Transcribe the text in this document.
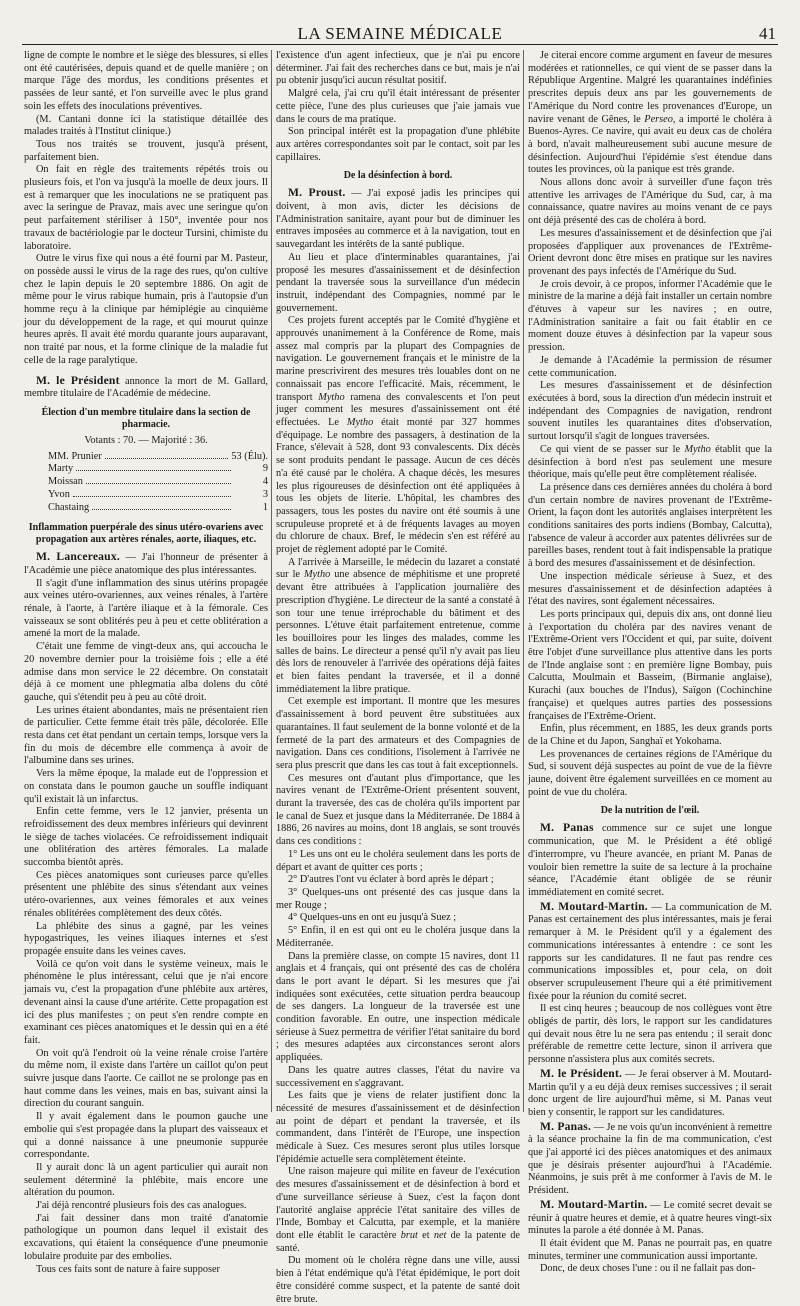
LA SEMAINE MÉDICALE	41

ligne de compte le nombre et le siège des blessures, si elles ont été cautérisées, depuis quand et de quelle manière ; on marque l'âge des mordus, les conditions présentes et passées de leur santé, et l'on surveille avec le plus grand soin les effets des inoculations préventives.

(M. Cantani donne ici la statistique détaillée des malades traités à l'Institut clinique.)

Tous nos traités se trouvent, jusqu'à présent, parfaitement bien.

On fait en règle des traitements répétés trois ou plusieurs fois, et l'on va jusqu'à la moelle de deux jours. Il est à remarquer que les inoculations ne se pratiquent pas avec la seringue de Pravaz, mais avec une seringue qu'on peut parfaitement stériliser à 150°, inventée pour nos travaux de bactériologie par le docteur Tursini, chimiste du laboratoire.

Outre le virus fixe qui nous a été fourni par M. Pasteur, on possède aussi le virus de la rage des rues, qu'on cultive chez le lapin depuis le 20 septembre 1886. On agit de même pour le virus rabique humain, pris à l'autopsie d'un homme reçu à la clinique par hémiplégie au cinquième jour du développement de la rage, et qui mourut quinze heures après. Il avait été mordu quarante jours auparavant, non traité par nous, et la forme clinique de la maladie fut celle de la rage paralytique.

M. le Président annonce la mort de M. Gallard, membre titulaire de l'Académie de médecine.

Élection d'un membre titulaire dans la section de pharmacie.

Votants : 70. — Majorité : 36.

MM. Prunier	53 (Élu).
Marty	9
Moissan	4
Yvon	3
Chastaing	1
Inflammation puerpérale des sinus utéro-ovariens avec propagation aux artères rénales, aorte, iliaques, etc.

M. Lancereaux. — J'ai l'honneur de présenter à l'Académie une pièce anatomique des plus intéressantes.

Il s'agit d'une inflammation des sinus utérins propagée aux veines utéro-ovariennes, aux veines rénales, à l'artère rénale, à l'aorte, à l'artère iliaque et à la fémorale. Ces vaisseaux se sont oblitérés peu à peu et cette oblitération a amené la mort de la malade.

C'était une femme de vingt-deux ans, qui accoucha le 20 novembre dernier pour la troisième fois ; elle a été admise dans mon service le 22 décembre. On constatait déjà à ce moment une phlegmatia alba dolens du côté gauche, qui s'étendit peu à peu au côté droit.

Les urines étaient abondantes, mais ne présentaient rien de particulier. Cette femme était très pâle, décolorée. Elle resta dans cet état pendant un certain temps, lorsque vers la fin du mois de décembre elle commença à avoir de l'albumine dans ses urines.

Vers la même époque, la malade eut de l'oppression et on constata dans le poumon gauche un souffle indiquant qu'il existait là un infarctus.

Enfin cette femme, vers le 12 janvier, présenta un refroidissement des deux membres inférieurs qui devinrent le siège de taches violacées. Ce refroidissement indiquait une oblitération des artères fémorales. La malade succomba bientôt après.

Ces pièces anatomiques sont curieuses parce qu'elles présentent une phlébite des sinus s'étendant aux veines utéro-ovariennes, aux veines fémorales et aux veines rénales oblitérées complètement des deux côtés.

La phlébite des sinus a gagné, par les veines hypogastriques, les veines iliaques internes et s'est propagée ensuite dans les veines caves.

Voilà ce qu'on voit dans le système veineux, mais le phénomène le plus intéressant, celui que je n'ai encore jamais vu, c'est la propagation d'une phlébite aux artères, devenant ainsi la cause d'une artérite. Cette propagation est ici des plus manifestes ; on peut s'en rendre compte en examinant ces pièces anatomiques et le dessin qui en a été fait.

On voit qu'à l'endroit où la veine rénale croise l'artère du même nom, il existe dans l'artère un caillot qu'on peut suivre jusque dans l'aorte. Ce caillot ne se prolonge pas en haut comme dans les veines, mais en bas, suivant ainsi la direction du courant sanguin.

Il y avait également dans le poumon gauche une embolie qui s'est propagée dans la plupart des vaisseaux et qui a donné naissance à une pneumonie suppurée correspondante.

Il y aurait donc là un agent particulier qui aurait non seulement déterminé la phlébite, mais encore une altération du poumon.

J'ai déjà rencontré plusieurs fois des cas analogues.

J'ai fait dessiner dans mon traité d'anatomie pathologique un poumon dans lequel il existait des excavations, qui étaient la conséquence d'une pneumonie lobulaire produite par des embolies.

Tous ces faits sont de nature à faire supposer

l'existence d'un agent infectieux, que je n'ai pu encore déterminer. J'ai fait des recherches dans ce but, mais je n'ai pu obtenir jusqu'ici aucun résultat positif.

Malgré cela, j'ai cru qu'il était intéressant de présenter cette pièce, l'une des plus curieuses que j'aie jamais vue dans le cours de ma pratique.

Son principal intérêt est la propagation d'une phlébite aux artères correspondantes soit par le contact, soit par les capillaires.

De la désinfection à bord.

M. Proust. — J'ai exposé jadis les principes qui doivent, à mon avis, dicter les décisions de l'Administration sanitaire, ayant pour but de diminuer les entraves imposées au commerce et à la navigation, tout en sauvegardant les intérêts de la santé publique.

Au lieu et place d'interminables quarantaines, j'ai proposé les mesures d'assainissement et de désinfection pendant la traversée sous la surveillance d'un médecin instruit, indépendant des Compagnies, nommé par le gouvernement.

Ces projets furent acceptés par le Comité d'hygiène et approuvés unanimement à la Conférence de Rome, mais assez mal compris par la plupart des Compagnies de navigation. Le gouvernement français et le ministre de la marine prescrivirent des mesures très louables dont on ne connaissait pas encore l'efficacité. Mais, récemment, le transport Mytho ramena des convalescents et l'on peut juger comment les mesures d'assainissement ont été effectuées. Le Mytho était monté par 327 hommes d'équipage. Le nombre des passagers, à destination de la France, s'élevait à 528, dont 93 convalescents. Dix décès se sont produits pendant le passage. Aucun de ces décès n'a été causé par le choléra. A chaque décès, les mesures les plus rigoureuses de désinfection ont été appliquées à tous les objets de literie. L'hôpital, les chambres des passagers, tous les postes du navire ont été soumis à une scrupuleuse propreté et à de fréquents lavages au moyen du chlorure de chaux. Bref, le médecin s'en est référé au projet de règlement adopté par le Comité.

A l'arrivée à Marseille, le médecin du lazaret a constaté sur le Mytho une absence de méphitisme et une propreté devant être attribuées à l'application journalière des prescription d'hygiène. Le directeur de la santé a constaté à son tour une tenue irréprochable du bâtiment et des personnes. L'étuve était parfaitement entretenue, comme les bouilloires pour les linges des malades, comme les salles de bains. Le directeur a pensé qu'il n'y avait pas lieu dès lors de renouveler à l'arrivée des opérations déjà faites et bien faites pendant la traversée, et il a donné immédiatement la libre pratique.

Cet exemple est important. Il montre que les mesures d'assainissement à bord peuvent être substituées aux quarantaines. Il faut seulement de la bonne volonté et de la fermeté de la part des armateurs et des Compagnies de navigation. Dans ces conditions, l'isolement à l'arrivée ne sera plus prescrit que dans les cas tout à fait exceptionnels.

Ces mesures ont d'autant plus d'importance, que les navires venant de l'Extrême-Orient présentent souvent, durant la traversée, des cas de choléra qu'ils importent par le canal de Suez et jusque dans la Méditerranée. De 1884 à 1886, 26 navires au moins, dont 18 anglais, se sont trouvés dans ces conditions :

1° Les uns ont eu le choléra seulement dans les ports de départ et avant de quitter ces ports ;

2° D'autres l'ont vu éclater à bord après le départ ;

3° Quelques-uns ont présenté des cas jusque dans la mer Rouge ;

4° Quelques-uns en ont eu jusqu'à Suez ;

5° Enfin, il en est qui ont eu le choléra jusque dans la Méditerranée.

Dans la première classe, on compte 15 navires, dont 11 anglais et 4 français, qui ont présenté des cas de choléra dans le port avant le départ. Si les mesures que j'ai indiquées sont exécutées, cette situation perdra beaucoup de ses dangers. La longueur de la traversée est une condition favorable. En outre, une inspection médicale sérieuse à Suez permettra de vérifier l'état sanitaire du bord ; des mesures adaptées aux circonstances seront alors appliquées.

Dans les quatre autres classes, l'état du navire va successivement en s'aggravant.

Les faits que je viens de relater justifient donc la nécessité de mesures d'assainissement et de désinfection au point de départ et pendant la traversée, et ils commandent, dans l'intérêt de l'Europe, une inspection médicale à Suez. Ces mesures seront plus utiles lorsque l'épidémie actuelle sera complètement éteinte.

Une raison majeure qui milite en faveur de l'exécution des mesures d'assainissement et de désinfection à bord et d'une surveillance sérieuse à Suez, c'est la façon dont l'autorité anglaise apprécie l'état sanitaire des villes de l'Inde, Bombay et Calcutta, par exemple, et la manière dont elle établit le caractère brut et net de la patente de santé.

Du moment où le choléra règne dans une ville, aussi bien à l'état endémique qu'à l'état épidémique, le port doit être considéré comme suspect, et la patente de santé doit être brute.

Je citerai encore comme argument en faveur de mesures modérées et rationnelles, ce qui vient de se passer dans la République Argentine. Malgré les quarantaines indéfinies prescrites depuis deux ans par les gouvernements de l'Amérique du Nord contre les provenances d'Europe, un navire venant de Gênes, le Perseo, a importé le choléra à Buenos-Ayres. Ce navire, qui avait eu deux cas de choléra à bord, n'avait malheureusement subi aucune mesure de désinfection. Aujourd'hui l'épidémie s'est étendue dans toutes les provinces, où la panique est très grande.

Nous allons donc avoir à surveiller d'une façon très attentive les arrivages de l'Amérique du Sud, car, à ma connaissance, quatre navires au moins venant de ce pays ont déjà présenté des cas de choléra à bord.

Les mesures d'assainissement et de désinfection que j'ai proposées d'appliquer aux provenances de l'Extrême-Orient devront donc être mises en pratique sur les navires provenant des pays infectés de l'Amérique du Sud.

Je crois devoir, à ce propos, informer l'Académie que le ministre de la marine a déjà fait installer un certain nombre d'étuves à vapeur sur les navires ; en outre, l'Administration sanitaire a fait ou fait établir en ce moment douze étuves à désinfection par la vapeur sous pression.

Je demande à l'Académie la permission de résumer cette communication.

Les mesures d'assainissement et de désinfection exécutées à bord, sous la direction d'un médecin instruit et indépendant des Compagnies de navigation, rendront souvent inutiles les quarantaines dites d'observation, surtout lorsqu'il s'agit de longues traversées.

Ce qui vient de se passer sur le Mytho établit que la désinfection à bord n'est pas seulement une mesure théorique, mais qu'elle peut être complètement réalisée.

La présence dans ces dernières années du choléra à bord d'un certain nombre de navires provenant de l'Extrême-Orient, la façon dont les autorités anglaises interprètent les conditions sanitaires des ports indiens (Bombay, Calcutta), l'absence de valeur à accorder aux patentes délivrées sur de pareilles bases, rendent tout à fait indispensable la pratique à bord des mesures d'assainissement et de désinfection.

Une inspection médicale sérieuse à Suez, et des mesures d'assainissement et de désinfection adaptées à l'état des navires, sont également nécessaires.

Les ports principaux qui, depuis dix ans, ont donné lieu à l'exportation du choléra par des navires venant de l'Extrême-Orient vers l'Occident et qui, par suite, doivent être l'objet d'une surveillance plus attentive dans les ports de l'Inde anglaise sont : en première ligne Bombay, puis Calcutta, Moulmain et Basseim, (Birmanie anglaise), Kurachi (aux bouches de l'Indus), Saïgon (Cochinchine française) et quelques autres parties des possessions françaises de l'Extrême-Orient.

Enfin, plus récemment, en 1885, les deux grands ports de la Chine et du Japon, Sanghaï et Yokohama.

Les provenances de certaines régions de l'Amérique du Sud, si souvent déjà suspectes au point de vue de la fièvre jaune, doivent être également surveillées en ce moment au point de vue du choléra.

De la nutrition de l'œil.

M. Panas commence sur ce sujet une longue communication, que M. le Président a été obligé d'interrompre, vu l'heure avancée, en priant M. Panas de vouloir bien remettre la suite de sa lecture à la prochaine séance, l'Académie étant obligée de se réunir immédiatement en comité secret.

M. Moutard-Martin. — La communication de M. Panas est certainement des plus intéressantes, mais je ferai remarquer à M. le Président qu'il y a également des communications intéressantes à entendre : ce sont les rapports sur les candidatures. Il ne faut pas rendre ces communications impossibles et, pour cela, on doit observer scrupuleusement l'heure qui a été primitivement fixée pour la réunion du comité secret.

Il est cinq heures ; beaucoup de nos collègues vont être obligés de partir, dès lors, le rapport sur les candidatures qui devait nous être lu ne sera pas entendu ; il serait donc préférable de remettre cette lecture, sinon il arrivera que personne n'assistera plus aux comités secrets.

M. le Président. — Je ferai observer à M. Moutard-Martin qu'il y a eu déjà deux remises successives ; il serait donc urgent de lire aujourd'hui même, si M. Panas veut bien y consentir, le rapport sur les candidatures.

M. Panas. — Je ne vois qu'un inconvénient à remettre à la séance prochaine la fin de ma communication, c'est que j'ai apporté ici des pièces anatomiques et des animaux que je désirais présenter aujourd'hui à l'Académie. Néanmoins, je suis prêt à me conformer à l'avis de M. le Président.

M. Moutard-Martin. — Le comité secret devait se réunir à quatre heures et demie, et à quatre heures vingt-six minutes la parole a été donnée à M. Panas.

Il était évident que M. Panas ne pourrait pas, en quatre minutes, terminer une communication aussi importante.

Donc, de deux choses l'une : ou il ne fallait pas don-
